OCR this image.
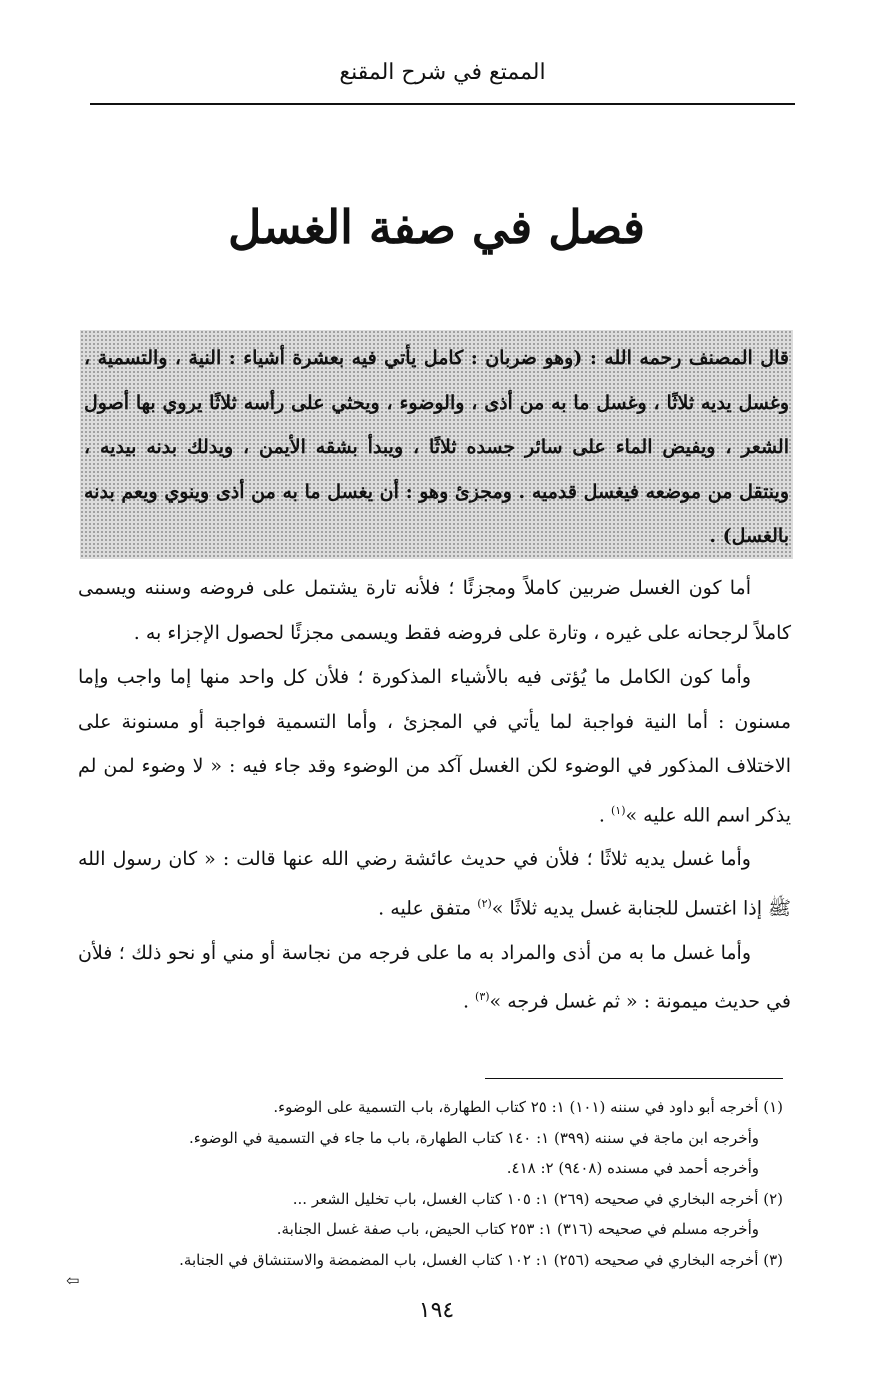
الممتع في شرح المقنع
فصل في صفة الغسل

قال المصنف رحمه الله : (وهو ضربان : كامل يأتي فيه بعشرة أشياء : النية ، والتسمية ، وغسل يديه ثلاثًا ، وغسل ما به من أذى ، والوضوء ، ويحثي على رأسه ثلاثًا يروي بها أصول الشعر ، ويفيض الماء على سائر جسده ثلاثًا ، ويبدأ بشقه الأيمن ، ويدلك بدنه بيديه ، وينتقل من موضعه فيغسل قدميه . ومجزئ وهو : أن يغسل ما به من أذى وينوي ويعم بدنه بالغسل) .

أما كون الغسل ضربين كاملاً ومجزئًا ؛ فلأنه تارة يشتمل على فروضه وسننه ويسمى كاملاً لرجحانه على غيره ، وتارة على فروضه فقط ويسمى مجزئًا لحصول الإجزاء به .

وأما كون الكامل ما يُؤتى فيه بالأشياء المذكورة ؛ فلأن كل واحد منها إما واجب وإما مسنون : أما النية فواجبة لما يأتي في المجزئ ، وأما التسمية فواجبة أو مسنونة على الاختلاف المذكور في الوضوء لكن الغسل آكد من الوضوء وقد جاء فيه : « لا وضوء لمن لم يذكر اسم الله عليه »$^{(١)}$ .

وأما غسل يديه ثلاثًا ؛ فلأن في حديث عائشة رضي الله عنها قالت : « كان رسول الله ﷺ إذا اغتسل للجنابة غسل يديه ثلاثًا »$^{(٢)}$ متفق عليه .

وأما غسل ما به من أذى والمراد به ما على فرجه من نجاسة أو مني أو نحو ذلك ؛ فلأن في حديث ميمونة : « ثم غسل فرجه »$^{(٣)}$ .

(١) أخرجه أبو داود في سننه (١٠١) ١: ٢٥ كتاب الطهارة، باب التسمية على الوضوء.
وأخرجه ابن ماجة في سننه (٣٩٩) ١: ١٤٠ كتاب الطهارة، باب ما جاء في التسمية في الوضوء.
وأخرجه أحمد في مسنده (٩٤٠٨) ٢: ٤١٨.
(٢) أخرجه البخاري في صحيحه (٢٦٩) ١: ١٠٥ كتاب الغسل، باب تخليل الشعر ...
وأخرجه مسلم في صحيحه (٣١٦) ١: ٢٥٣ كتاب الحيض، باب صفة غسل الجنابة.
(٣) أخرجه البخاري في صحيحه (٢٥٦) ١: ١٠٢ كتاب الغسل، باب المضمضة والاستنشاق في الجنابة.
⇦
١٩٤
